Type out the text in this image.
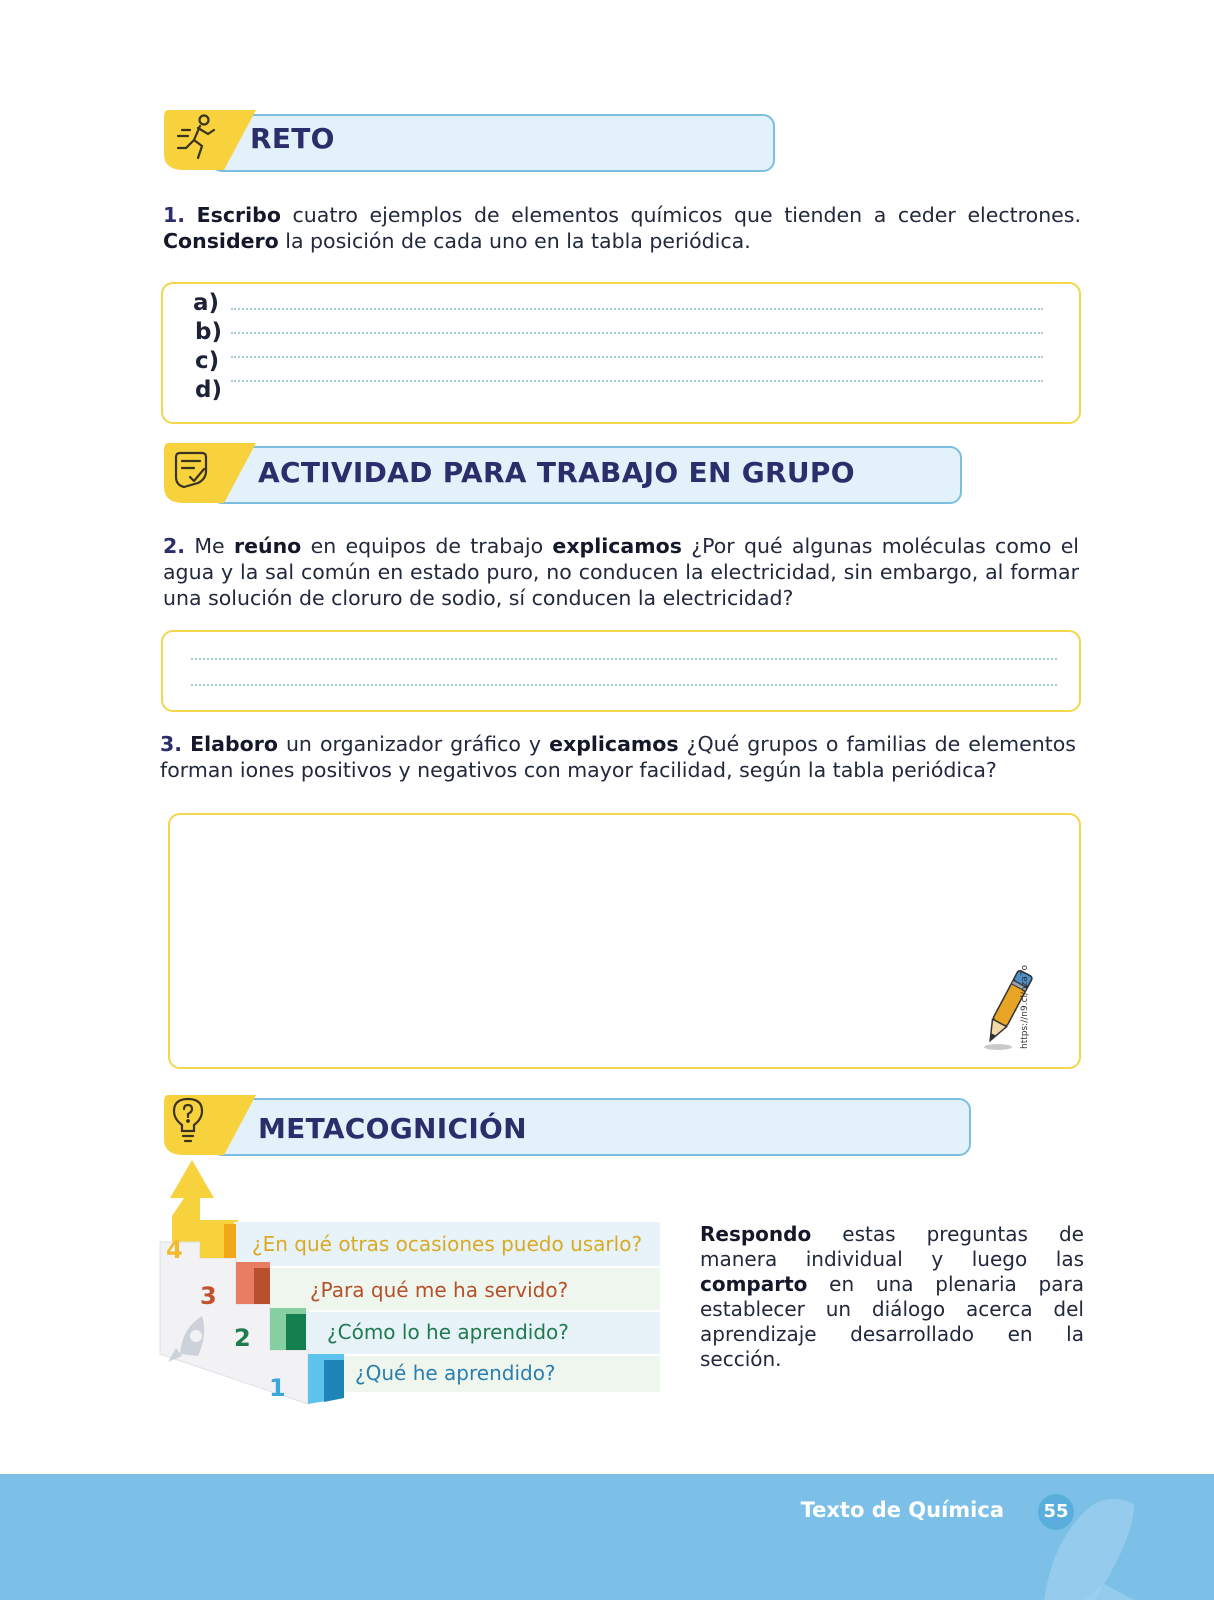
RETO

1. Escribo cuatro ejemplos de elementos químicos que tienden a ceder electrones. Considero la posición de cada uno en la tabla periódica.

a)
b)
c)
d)
ACTIVIDAD PARA TRABAJO EN GRUPO

2. Me reúno en equipos de trabajo explicamos ¿Por qué algunas moléculas como el agua y la sal común en estado puro, no conducen la electricidad, sin embargo, al formar una solución de cloruro de sodio, sí conducen la electricidad?

3. Elaboro un organizador gráfico y explicamos ¿Qué grupos o familias de elementos forman iones positivos y negativos con mayor facilidad, según la tabla periódica?

https://n9.cl/oza7o
METACOGNICIÓN
4
3
2
1
¿En qué otras ocasiones puedo usarlo?
¿Para qué me ha servido?
¿Cómo lo he aprendido?
¿Qué he aprendido?

Respondo estas preguntas de manera individual y luego las comparto en una plenaria para establecer un diálogo acerca del aprendizaje desarrollado en la sección.

Texto de Química	55
